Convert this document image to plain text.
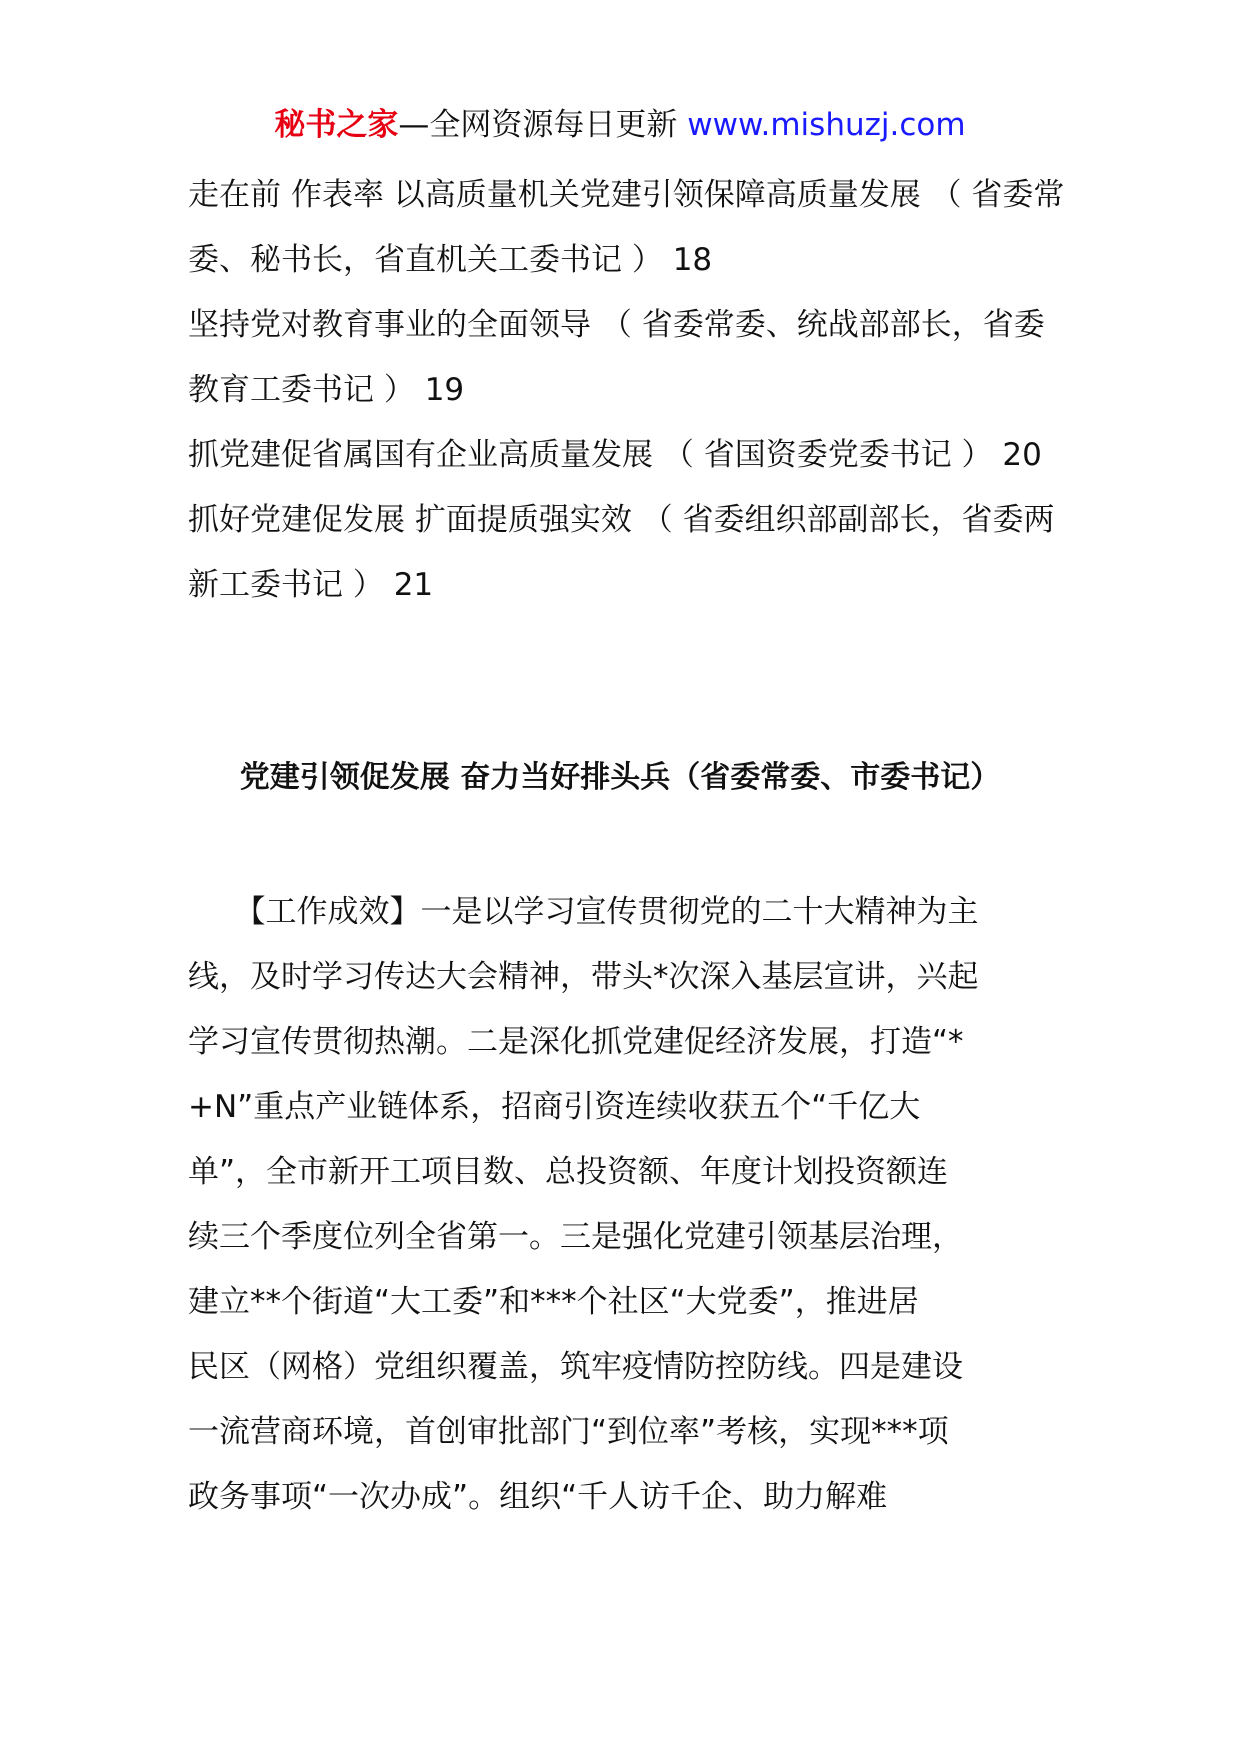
秘书之家—全网资源每日更新 www.mishuzj.com

走在前 作表率 以高质量机关党建引领保障高质量发展 （ 省委常委、秘书长，省直机关工委书记 ） 18

坚持党对教育事业的全面领导 （ 省委常委、统战部部长，省委教育工委书记 ） 19

抓党建促省属国有企业高质量发展 （ 省国资委党委书记 ） 20

抓好党建促发展 扩面提质强实效 （ 省委组织部副部长，省委两新工委书记 ） 21

党建引领促发展 奋力当好排头兵（省委常委、市委书记）

　　【工作成效】一是以学习宣传贯彻党的二十大精神为主
线，及时学习传达大会精神，带头*次深入基层宣讲，兴起
学习宣传贯彻热潮。二是深化抓党建促经济发展，打造“*
+N”重点产业链体系，招商引资连续收获五个“千亿大
单”，全市新开工项目数、总投资额、年度计划投资额连
续三个季度位列全省第一。三是强化党建引领基层治理，
建立**个街道“大工委”和***个社区“大党委”，推进居
民区（网格）党组织覆盖，筑牢疫情防控防线。四是建设
一流营商环境，首创审批部门“到位率”考核，实现***项
政务事项“一次办成”。组织“千人访千企、助力解难
